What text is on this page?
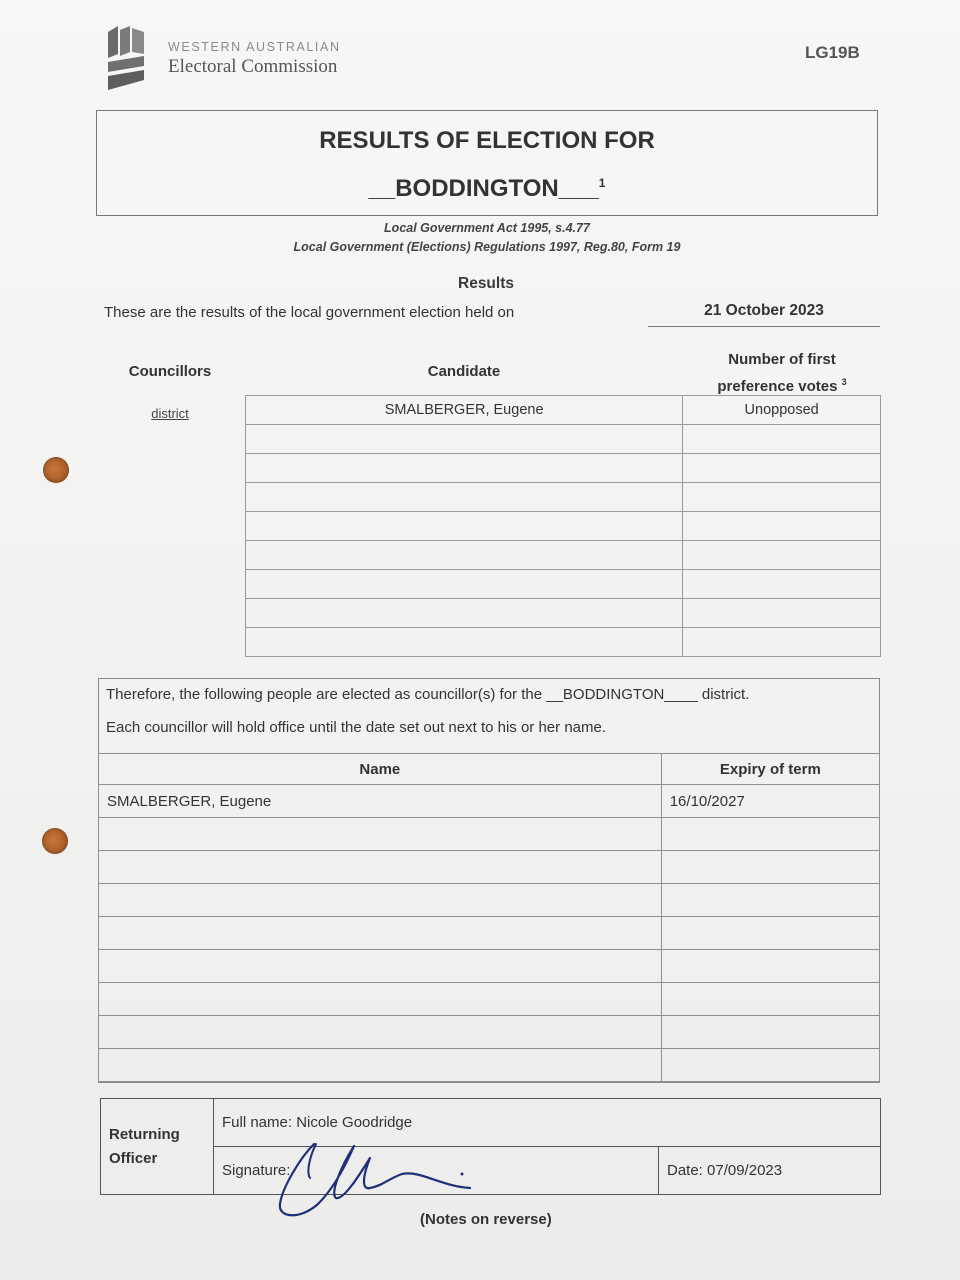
WESTERN AUSTRALIAN
Electoral Commission
LG19B
RESULTS OF ELECTION FOR
__BODDINGTON___$^1$
Local Government Act 1995, s.4.77
Local Government (Elections) Regulations 1997, Reg.80, Form 19
Results
These are the results of the local government election held on	21 October 2023
Councillors	Candidate
Number of first
preference votes $^3$
district	SMALBERGER, Eugene	Unopposed

Therefore, the following people are elected as councillor(s) for the __BODDINGTON____ district.
Each councillor will hold office until the date set out next to his or her name.
Name	Expiry of term
SMALBERGER, Eugene	16/10/2027

Returning
Officer	Full name: Nicole Goodridge	
	Signature:	Date: 07/09/2023
(Notes on reverse)
